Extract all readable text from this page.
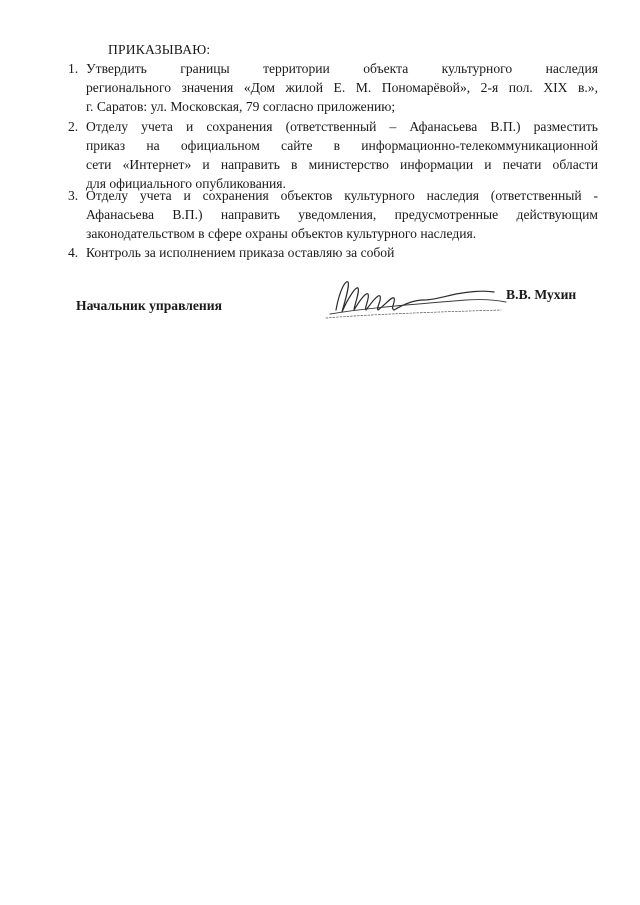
ПРИКАЗЫВАЮ:
1. Утвердить границы территории объекта культурного наследия
регионального значения «Дом жилой Е. М. Пономарёвой», 2-я пол. XIX в.»,
г. Саратов: ул. Московская, 79 согласно приложению;
2. Отделу учета и сохранения (ответственный – Афанасьева В.П.) разместить
приказ на официальном сайте в информационно-телекоммуникационной
сети «Интернет» и направить в министерство информации и печати области
для официального опубликования.
3. Отделу учета и сохранения объектов культурного наследия (ответственный -
Афанасьева В.П.) направить уведомления, предусмотренные действующим
законодательством в сфере охраны объектов культурного наследия.
4. Контроль за исполнением приказа оставляю за собой
Начальник управления
В.В. Мухин
